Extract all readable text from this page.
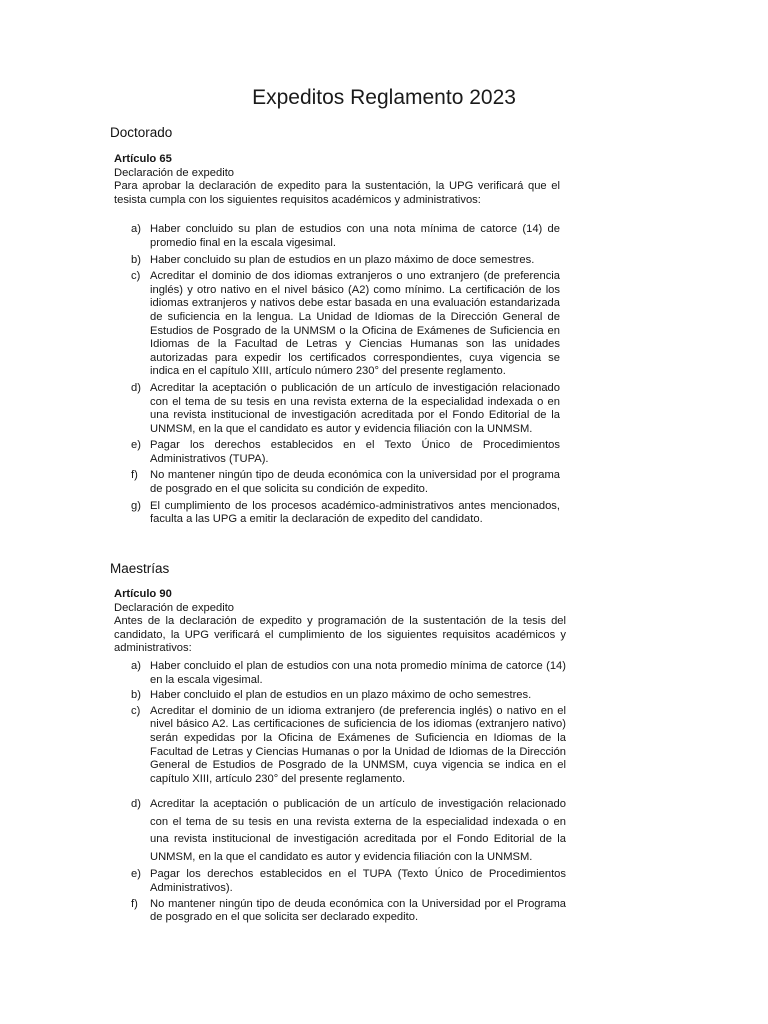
Expeditos Reglamento 2023
Doctorado
Artículo 65
Declaración de expedito
Para aprobar la declaración de expedito para la sustentación, la UPG verificará que el tesista cumpla con los siguientes requisitos académicos y administrativos:
a) Haber concluido su plan de estudios con una nota mínima de catorce (14) de promedio final en la escala vigesimal.
b) Haber concluido su plan de estudios en un plazo máximo de doce semestres.
c) Acreditar el dominio de dos idiomas extranjeros o uno extranjero (de preferencia inglés) y otro nativo en el nivel básico (A2) como mínimo. La certificación de los idiomas extranjeros y nativos debe estar basada en una evaluación estandarizada de suficiencia en la lengua. La Unidad de Idiomas de la Dirección General de Estudios de Posgrado de la UNMSM o la Oficina de Exámenes de Suficiencia en Idiomas de la Facultad de Letras y Ciencias Humanas son las unidades autorizadas para expedir los certificados correspondientes, cuya vigencia se indica en el capítulo XIII, artículo número 230° del presente reglamento.
d) Acreditar la aceptación o publicación de un artículo de investigación relacionado con el tema de su tesis en una revista externa de la especialidad indexada o en una revista institucional de investigación acreditada por el Fondo Editorial de la UNMSM, en la que el candidato es autor y evidencia filiación con la UNMSM.
e) Pagar los derechos establecidos en el Texto Único de Procedimientos Administrativos (TUPA).
f) No mantener ningún tipo de deuda económica con la universidad por el programa de posgrado en el que solicita su condición de expedito.
g) El cumplimiento de los procesos académico-administrativos antes mencionados, faculta a las UPG a emitir la declaración de expedito del candidato.
Maestrías
Artículo 90
Declaración de expedito
Antes de la declaración de expedito y programación de la sustentación de la tesis del candidato, la UPG verificará el cumplimiento de los siguientes requisitos académicos y administrativos:
a) Haber concluido el plan de estudios con una nota promedio mínima de catorce (14) en la escala vigesimal.
b) Haber concluido el plan de estudios en un plazo máximo de ocho semestres.
c) Acreditar el dominio de un idioma extranjero (de preferencia inglés) o nativo en el nivel básico A2. Las certificaciones de suficiencia de los idiomas (extranjero nativo) serán expedidas por la Oficina de Exámenes de Suficiencia en Idiomas de la Facultad de Letras y Ciencias Humanas o por la Unidad de Idiomas de la Dirección General de Estudios de Posgrado de la UNMSM, cuya vigencia se indica en el capítulo XIII, artículo 230° del presente reglamento.
d) Acreditar la aceptación o publicación de un artículo de investigación relacionado con el tema de su tesis en una revista externa de la especialidad indexada o en una revista institucional de investigación acreditada por el Fondo Editorial de la UNMSM, en la que el candidato es autor y evidencia filiación con la UNMSM.
e) Pagar los derechos establecidos en el TUPA (Texto Único de Procedimientos Administrativos).
f) No mantener ningún tipo de deuda económica con la Universidad por el Programa de posgrado en el que solicita ser declarado expedito.
